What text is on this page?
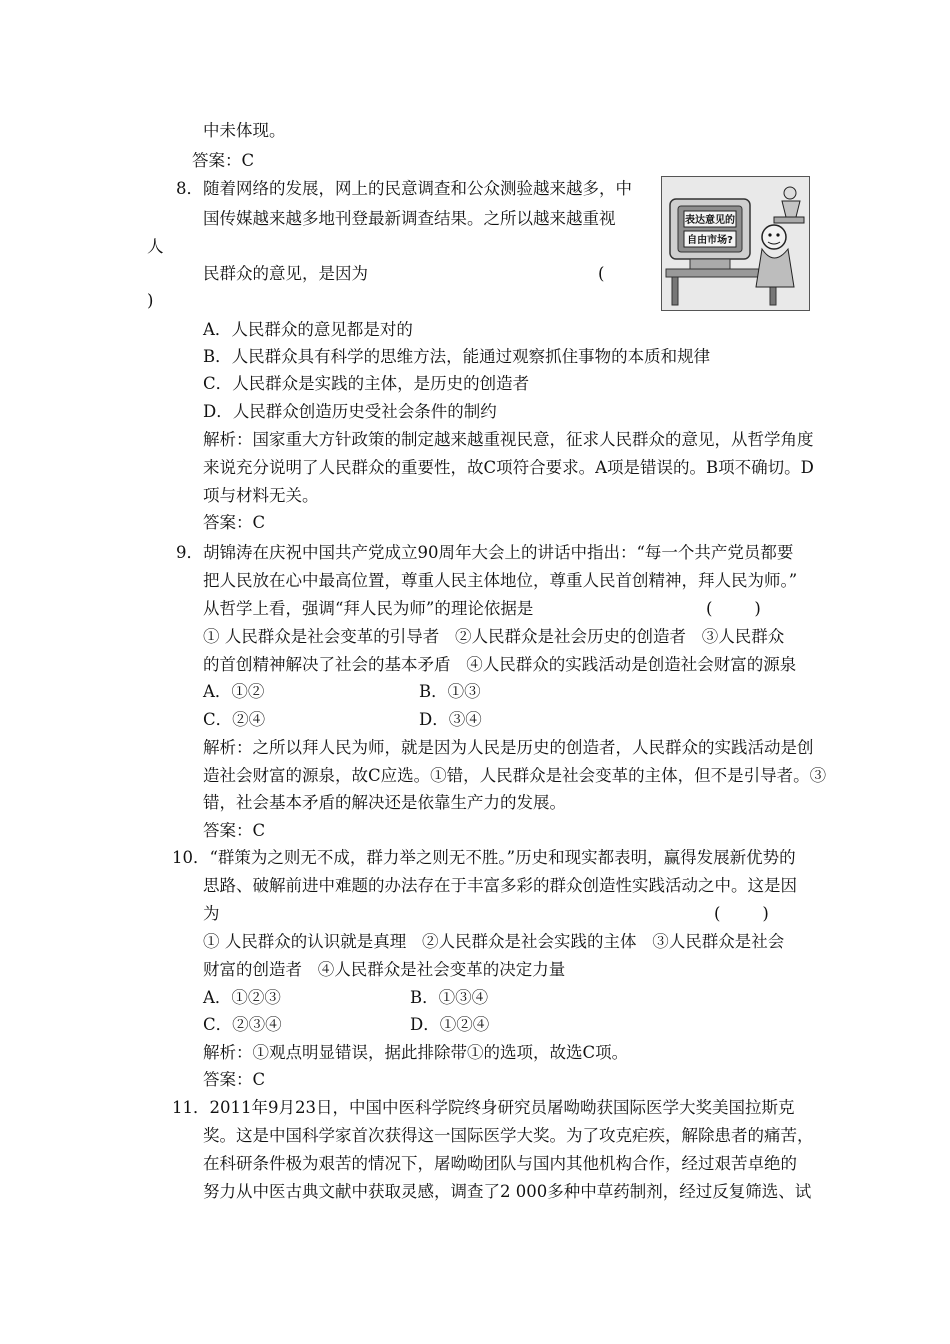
中未体现。
答案：C
8．随着网络的发展，网上的民意调查和公众测验越来越多，中
国传媒越来越多地刊登最新调查结果。之所以越来越重视
人
民群众的意见，是因为	(
)
表达意见的
自由市场?
A．人民群众的意见都是对的
B．人民群众具有科学的思维方法，能通过观察抓住事物的本质和规律
C．人民群众是实践的主体，是历史的创造者
D．人民群众创造历史受社会条件的制约
解析：国家重大方针政策的制定越来越重视民意，征求人民群众的意见，从哲学角度
来说充分说明了人民群众的重要性，故C项符合要求。A项是错误的。B项不确切。D
项与材料无关。
答案：C
9．胡锦涛在庆祝中国共产党成立90周年大会上的讲话中指出：“每一个共产党员都要
把人民放在心中最高位置，尊重人民主体地位，尊重人民首创精神，拜人民为师。”
从哲学上看，强调“拜人民为师”的理论依据是	(        )
① 人民群众是社会变革的引导者   ②人民群众是社会历史的创造者   ③人民群众
的首创精神解决了社会的基本矛盾   ④人民群众的实践活动是创造社会财富的源泉
A．①②	B．①③
C．②④	D．③④
解析：之所以拜人民为师，就是因为人民是历史的创造者，人民群众的实践活动是创
造社会财富的源泉，故C应选。①错，人民群众是社会变革的主体，但不是引导者。③
错，社会基本矛盾的解决还是依靠生产力的发展。
答案：C
10．“群策为之则无不成，群力举之则无不胜。”历史和现实都表明，赢得发展新优势的
思路、破解前进中难题的办法存在于丰富多彩的群众创造性实践活动之中。这是因
为	(        )
① 人民群众的认识就是真理   ②人民群众是社会实践的主体   ③人民群众是社会
财富的创造者   ④人民群众是社会变革的决定力量
A．①②③	B．①③④
C．②③④	D．①②④
解析：①观点明显错误，据此排除带①的选项，故选C项。
答案：C
11．2011年9月23日，中国中医科学院终身研究员屠呦呦获国际医学大奖美国拉斯克
奖。这是中国科学家首次获得这一国际医学大奖。为了攻克疟疾，解除患者的痛苦，
在科研条件极为艰苦的情况下，屠呦呦团队与国内其他机构合作，经过艰苦卓绝的
努力从中医古典文献中获取灵感，调查了2 000多种中草药制剂，经过反复筛选、试
